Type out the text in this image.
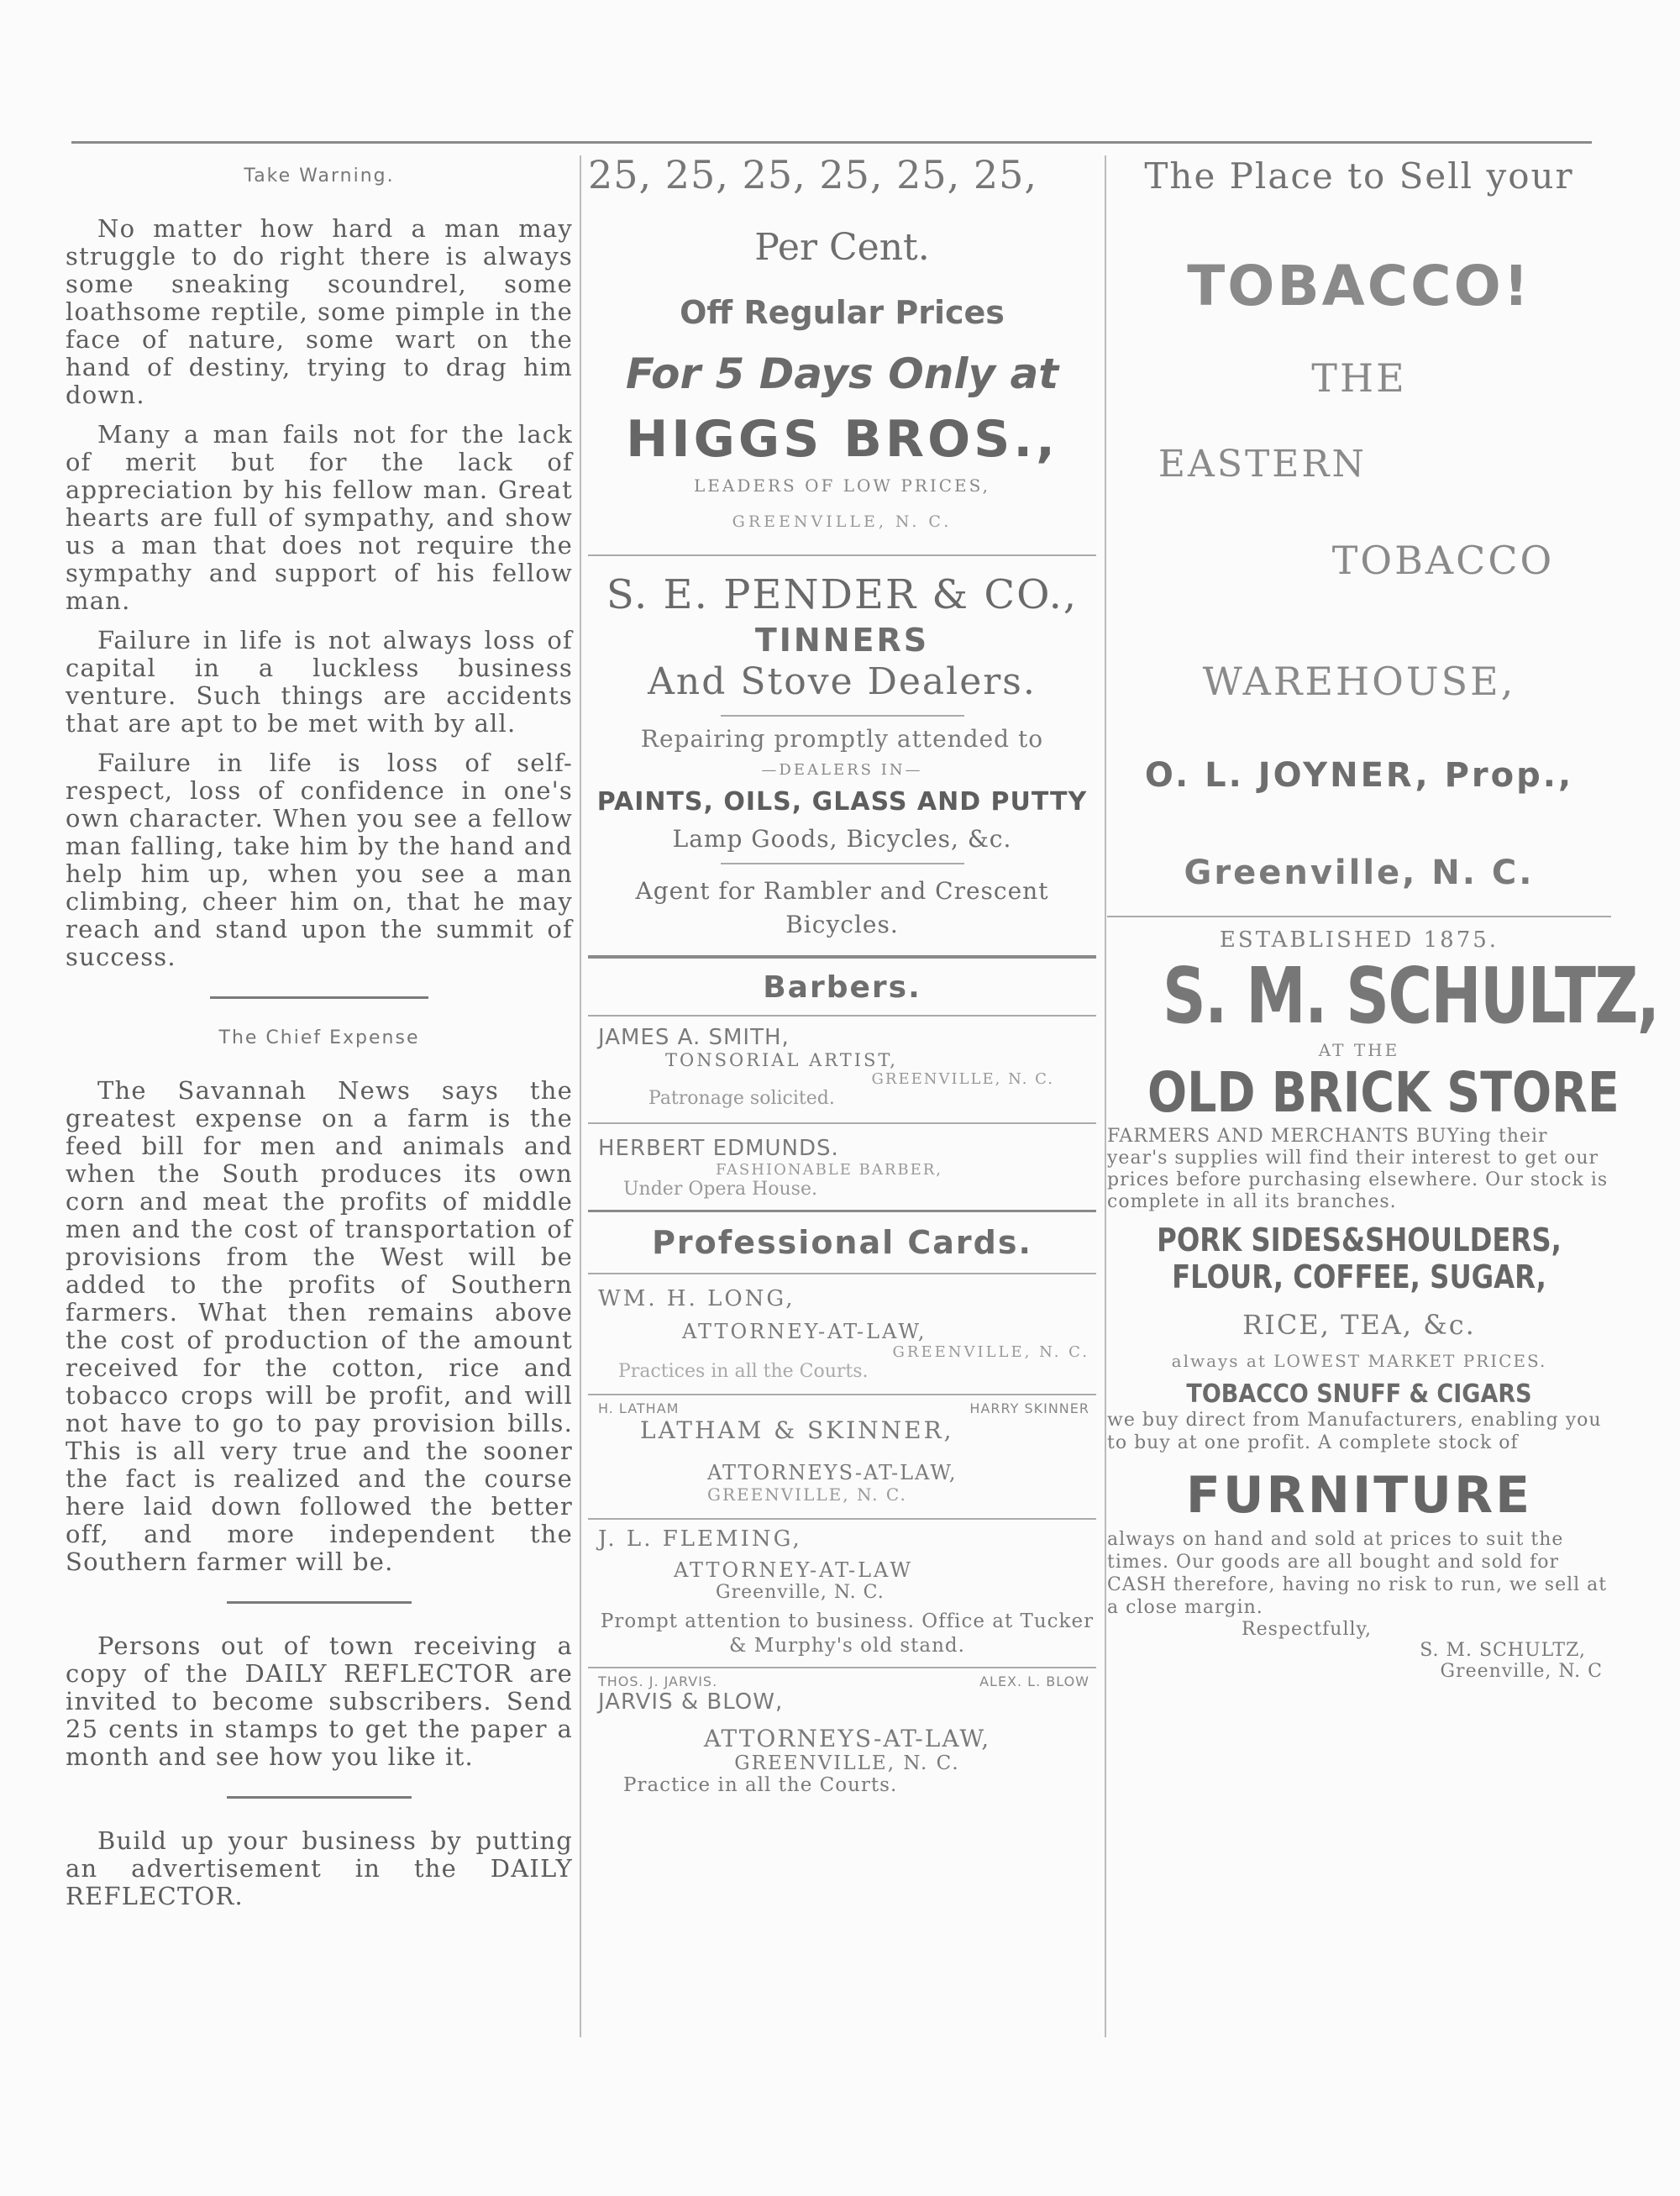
Take Warning.

No matter how hard a man may struggle to do right there is always some sneaking scoundrel, some loathsome reptile, some pimple in the face of nature, some wart on the hand of destiny, trying to drag him down.

Many a man fails not for the lack of merit but for the lack of appreciation by his fellow man. Great hearts are full of sympathy, and show us a man that does not require the sympathy and support of his fellow man.

Failure in life is not always loss of capital in a luckless business venture. Such things are accidents that are apt to be met with by all.

Failure in life is loss of self-respect, loss of confidence in one's own character. When you see a fellow man falling, take him by the hand and help him up, when you see a man climbing, cheer him on, that he may reach and stand upon the summit of success.

The Chief Expense

The Savannah News says the greatest expense on a farm is the feed bill for men and animals and when the South produces its own corn and meat the profits of middle men and the cost of transportation of provisions from the West will be added to the profits of Southern farmers. What then remains above the cost of production of the amount received for the cotton, rice and tobacco crops will be profit, and will not have to go to pay provision bills. This is all very true and the sooner the fact is realized and the course here laid down followed the better off, and more independent the Southern farmer will be.

Persons out of town receiving a copy of the DAILY REFLECTOR are invited to become subscribers. Send 25 cents in stamps to get the paper a month and see how you like it.

Build up your business by putting an advertisement in the DAILY REFLECTOR.

25, 25, 25, 25, 25, 25,
Per Cent.
Off Regular Prices
For 5 Days Only at
HIGGS BROS.,
LEADERS OF LOW PRICES,
GREENVILLE, N. C.
S. E. PENDER & CO.,
TINNERS
And Stove Dealers.
Repairing promptly attended to
—DEALERS IN—
PAINTS, OILS, GLASS AND PUTTY
Lamp Goods, Bicycles, &c.
Agent for Rambler and Crescent Bicycles.
Barbers.
JAMES A. SMITH,
TONSORIAL ARTIST,
GREENVILLE, N. C.
Patronage solicited.
HERBERT EDMUNDS.
FASHIONABLE BARBER,
Under Opera House.
Professional Cards.
WM. H. LONG,
ATTORNEY-AT-LAW,
GREENVILLE, N. C.
Practices in all the Courts.
H. LATHAM	HARRY SKINNER
LATHAM & SKINNER,
ATTORNEYS-AT-LAW,
GREENVILLE, N. C.
J. L. FLEMING,
ATTORNEY-AT-LAW
Greenville, N. C.
Prompt attention to business. Office at Tucker & Murphy's old stand.
THOS. J. JARVIS.	ALEX. L. BLOW
JARVIS & BLOW,
ATTORNEYS-AT-LAW,
GREENVILLE, N. C.
Practice in all the Courts.
The Place to Sell your
TOBACCO!
THE
EASTERN
TOBACCO
WAREHOUSE,
O. L. JOYNER, Prop.,
Greenville, N. C.
ESTABLISHED 1875.
S. M. SCHULTZ,
AT THE
OLD BRICK STORE
FARMERS AND MERCHANTS BUYing their year's supplies will find their interest to get our prices before purchasing elsewhere. Our stock is complete in all its branches.
PORK SIDES&SHOULDERS,
FLOUR, COFFEE, SUGAR,
RICE, TEA, &c.
always at LOWEST MARKET PRICES.
TOBACCO SNUFF & CIGARS
we buy direct from Manufacturers, enabling you to buy at one profit. A complete stock of
FURNITURE
always on hand and sold at prices to suit the times. Our goods are all bought and sold for CASH therefore, having no risk to run, we sell at a close margin.
Respectfully,
S. M. SCHULTZ,
Greenville, N. C
